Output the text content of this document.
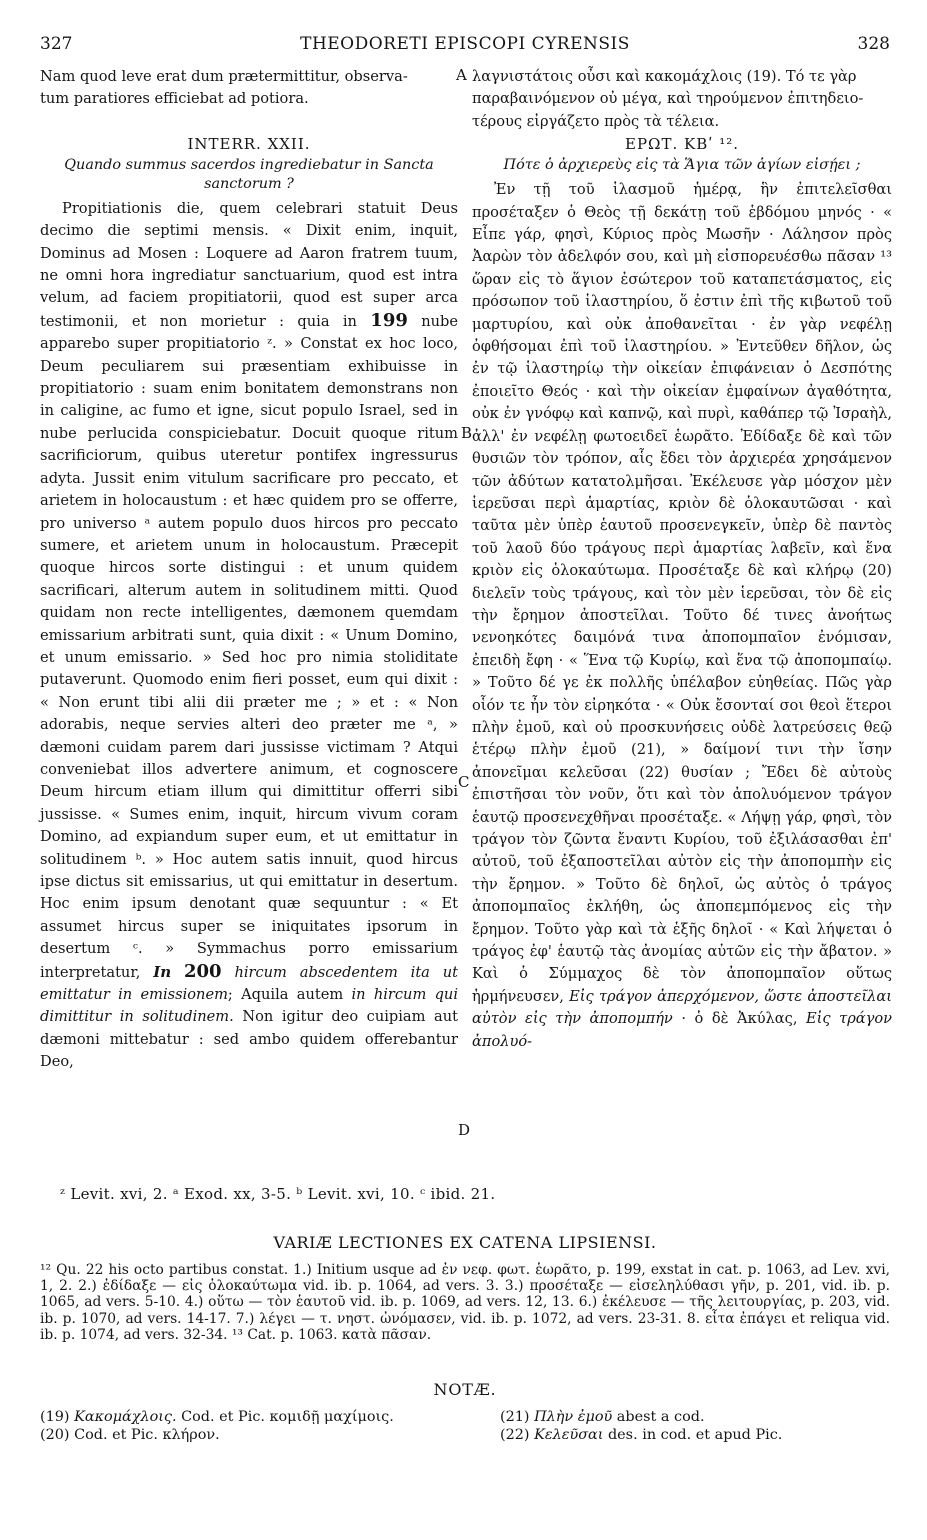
327	THEODORETI EPISCOPI CYRENSIS	328

Nam quod leve erat dum prætermittitur, observa-

tum paratiores efficiebat ad potiora.

INTERR. XXII.

Quando summus sacerdos ingrediebatur in Sancta sanctorum ?

Propitiationis die, quem celebrari statuit Deus decimo die septimi mensis. « Dixit enim, inquit, Dominus ad Mosen : Loquere ad Aaron fratrem tuum, ne omni hora ingrediatur sanctuarium, quod est intra velum, ad faciem propitiatorii, quod est super arca testimonii, et non morietur : quia in 199 nube apparebo super propitiatorio ᶻ. » Constat ex hoc loco, Deum peculiarem sui præsentiam exhibuisse in propitiatorio : suam enim bonitatem demonstrans non in caligine, ac fumo et igne, sicut populo Israel, sed in nube perlucida conspiciebatur. Docuit quoque ritum sacrificiorum, quibus uteretur pontifex ingressurus adyta. Jussit enim vitulum sacrificare pro peccato, et arietem in holocaustum : et hæc quidem pro se offerre, pro universo ᵃ autem populo duos hircos pro peccato sumere, et arietem unum in holocaustum. Præcepit quoque hircos sorte distingui : et unum quidem sacrificari, alterum autem in solitudinem mitti. Quod quidam non recte intelligentes, dæmonem quemdam emissarium arbitrati sunt, quia dixit : « Unum Domino, et unum emissario. » Sed hoc pro nimia stoliditate putaverunt. Quomodo enim fieri posset, eum qui dixit : « Non erunt tibi alii dii præter me ; » et : « Non adorabis, neque servies alteri deo præter me ᵃ, » dæmoni cuidam parem dari jussisse victimam ? Atqui conveniebat illos advertere animum, et cognoscere Deum hircum etiam illum qui dimittitur offerri sibi jussisse. « Sumes enim, inquit, hircum vivum coram Domino, ad expiandum super eum, et ut emittatur in solitudinem ᵇ. » Hoc autem satis innuit, quod hircus ipse dictus sit emissarius, ut qui emittatur in desertum. Hoc enim ipsum denotant quæ sequuntur : « Et assumet hircus super se iniquitates ipsorum in desertum ᶜ. » Symmachus porro emissarium interpretatur, In 200 hircum abscedentem ita ut emittatur in emissionem; Aquila autem in hircum qui dimittitur in solitudinem. Non igitur deo cuipiam aut dæmoni mittebatur : sed ambo quidem offerebantur Deo,

A
B
C
D

λαγνιστάτοις οὖσι καὶ κακομάχλοις (19). Τό τε γὰρ

παραβαινόμενον οὐ μέγα, καὶ τηρούμενον ἐπιτηδειο-

τέρους εἰργάζετο πρὸς τὰ τέλεια.

ΕΡΩΤ. ΚΒʹ ¹².

Πότε ὁ ἀρχιερεὺς εἰς τὰ Ἅγια τῶν ἁγίων εἰσῄει ;

Ἐν τῇ τοῦ ἱλασμοῦ ἡμέρᾳ, ἣν ἐπιτελεῖσθαι προσέταξεν ὁ Θεὸς τῇ δεκάτῃ τοῦ ἑβδόμου μηνός · « Εἶπε γάρ, φησὶ, Κύριος πρὸς Μωσῆν · Λάλησον πρὸς Ἀαρὼν τὸν ἀδελφόν σου, καὶ μὴ εἰσπορευέσθω πᾶσαν ¹³ ὥραν εἰς τὸ ἅγιον ἐσώτερον τοῦ καταπετάσματος, εἰς πρόσωπον τοῦ ἱλαστηρίου, ὅ ἐστιν ἐπὶ τῆς κιβωτοῦ τοῦ μαρτυρίου, καὶ οὐκ ἀποθανεῖται · ἐν γὰρ νεφέλῃ ὀφθήσομαι ἐπὶ τοῦ ἱλαστηρίου. » Ἐντεῦθεν δῆλον, ὡς ἐν τῷ ἱλαστηρίῳ τὴν οἰκείαν ἐπιφάνειαν ὁ Δεσπότης ἐποιεῖτο Θεός · καὶ τὴν οἰκείαν ἐμφαίνων ἀγαθότητα, οὐκ ἐν γνόφῳ καὶ καπνῷ, καὶ πυρὶ, καθάπερ τῷ Ἰσραὴλ, ἀλλ' ἐν νεφέλῃ φωτοειδεῖ ἑωρᾶτο. Ἐδίδαξε δὲ καὶ τῶν θυσιῶν τὸν τρόπον, αἷς ἔδει τὸν ἀρχιερέα χρησάμενον τῶν ἀδύτων κατατολμῆσαι. Ἐκέλευσε γὰρ μόσχον μὲν ἱερεῦσαι περὶ ἁμαρτίας, κριὸν δὲ ὁλοκαυτῶσαι · καὶ ταῦτα μὲν ὑπὲρ ἑαυτοῦ προσενεγκεῖν, ὑπὲρ δὲ παντὸς τοῦ λαοῦ δύο τράγους περὶ ἁμαρτίας λαβεῖν, καὶ ἕνα κριὸν εἰς ὁλοκαύτωμα. Προσέταξε δὲ καὶ κλήρῳ (20) διελεῖν τοὺς τράγους, καὶ τὸν μὲν ἱερεῦσαι, τὸν δὲ εἰς τὴν ἔρημον ἀποστεῖλαι. Τοῦτο δέ τινες ἀνοήτως νενοηκότες δαιμόνά τινα ἀποπομπαῖον ἐνόμισαν, ἐπειδὴ ἔφη · « Ἕνα τῷ Κυρίῳ, καὶ ἕνα τῷ ἀποπομπαίῳ. » Τοῦτο δέ γε ἐκ πολλῆς ὑπέλαβον εὐηθείας. Πῶς γὰρ οἷόν τε ἦν τὸν εἰρηκότα · « Οὐκ ἔσονταί σοι θεοὶ ἕτεροι πλὴν ἐμοῦ, καὶ οὐ προσκυνήσεις οὐδὲ λατρεύσεις θεῷ ἑτέρῳ πλὴν ἐμοῦ (21), » δαίμονί τινι τὴν ἴσην ἀπονεῖμαι κελεῦσαι (22) θυσίαν ; Ἔδει δὲ αὐτοὺς ἐπιστῆσαι τὸν νοῦν, ὅτι καὶ τὸν ἀπολυόμενον τράγον ἑαυτῷ προσενεχθῆναι προσέταξε. « Λήψῃ γάρ, φησὶ, τὸν τράγον τὸν ζῶντα ἔναντι Κυρίου, τοῦ ἐξιλάσασθαι ἐπ' αὐτοῦ, τοῦ ἐξαποστεῖλαι αὐτὸν εἰς τὴν ἀποπομπὴν εἰς τὴν ἔρημον. » Τοῦτο δὲ δηλοῖ, ὡς αὐτὸς ὁ τράγος ἀποπομπαῖος ἐκλήθη, ὡς ἀποπεμπόμενος εἰς τὴν ἔρημον. Τοῦτο γὰρ καὶ τὰ ἑξῆς δηλοῖ · « Καὶ λήψεται ὁ τράγος ἐφ' ἑαυτῷ τὰς ἀνομίας αὐτῶν εἰς τὴν ἄβατον. » Καὶ ὁ Σύμμαχος δὲ τὸν ἀποπομπαῖον οὕτως ἡρμήνευσεν, Εἰς τράγον ἀπερχόμενον, ὥστε ἀποστεῖλαι αὐτὸν εἰς τὴν ἀποπομπήν · ὁ δὲ Ἀκύλας, Εἰς τράγον ἀπολυό-

ᶻ Levit. xvi, 2. ᵃ Exod. xx, 3-5. ᵇ Levit. xvi, 10. ᶜ ibid. 21.
VARIÆ LECTIONES EX CATENA LIPSIENSI.

¹² Qu. 22 his octo partibus constat. 1.) Initium usque ad ἐν νεφ. φωτ. ἑωρᾶτο, p. 199, exstat in cat. p. 1063, ad Lev. xvi, 1, 2. 2.) ἐδίδαξε — εἰς ὁλοκαύτωμα vid. ib. p. 1064, ad vers. 3. 3.) προσέταξε — εἰσεληλύθασι γῆν, p. 201, vid. ib. p. 1065, ad vers. 5-10. 4.) οὕτω — τὸν ἑαυτοῦ vid. ib. p. 1069, ad vers. 12, 13. 6.) ἐκέλευσε — τῆς λειτουργίας, p. 203, vid. ib. p. 1070, ad vers. 14-17. 7.) λέγει — τ. νηστ. ὠνόμασεν, vid. ib. p. 1072, ad vers. 23-31. 8. εἶτα ἐπάγει et reliqua vid. ib. p. 1074, ad vers. 32-34. ¹³ Cat. p. 1063. κατὰ πᾶσαν.

NOTÆ.

(19) Κακομάχλοις. Cod. et Pic. κομιδῇ μαχίμοις.

(20) Cod. et Pic. κλήρον.

(21) Πλὴν ἐμοῦ abest a cod.

(22) Κελεῦσαι des. in cod. et apud Pic.
